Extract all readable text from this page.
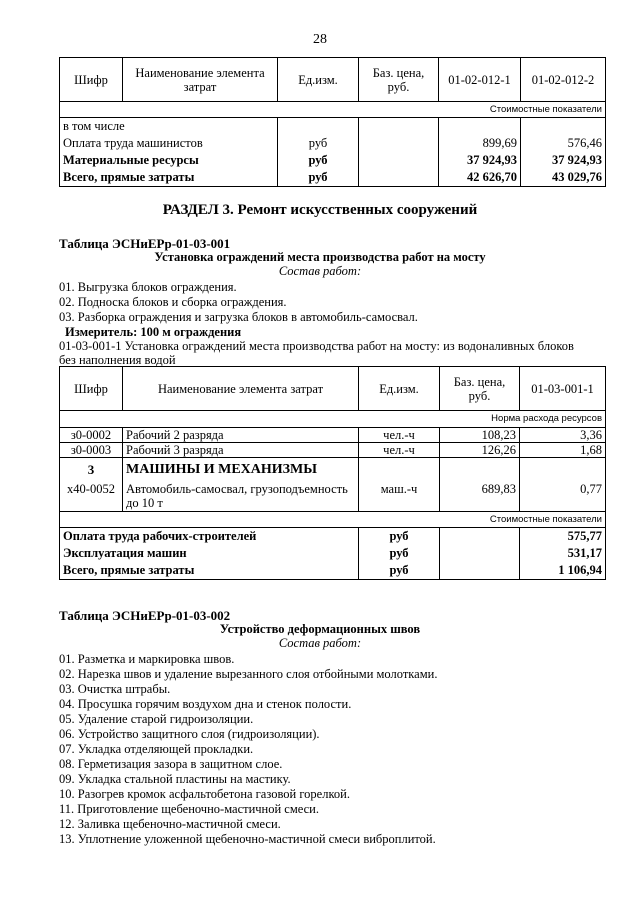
28
Шифр	Наименование элемента затрат	Ед.изм.	Баз. цена, руб.	01-02-012-1	01-02-012-2
Стоимостные показатели					
в том числе					
Оплата труда машинистов		руб		899,69	576,46
Материальные ресурсы		руб		37 924,93	37 924,93
Всего, прямые затраты		руб		42 626,70	43 029,76
РАЗДЕЛ 3. Ремонт искусственных сооружений
Таблица ЭСНиЕРр-01-03-001
Установка ограждений места производства работ на мосту
Состав работ:
01. Выгрузка блоков ограждения.
02. Подноска блоков и сборка ограждения.
03. Разборка ограждения и загрузка блоков в автомобиль-самосвал.
Измеритель: 100 м ограждения
01-03-001-1 Установка ограждений места производства работ на мосту: из водоналивных блоков
без наполнения водой
Шифр	Наименование элемента затрат	Ед.изм.	Баз. цена, руб.	01-03-001-1
Норма расхода ресурсов				
з0-0002	Рабочий 2 разряда	чел.-ч	108,23	3,36
з0-0003	Рабочий 3 разряда	чел.-ч	126,26	1,68
3	МАШИНЫ И МЕХАНИЗМЫ			
х40-0052	Автомобиль-самосвал, грузоподъемность
до 10 т	маш.-ч	689,83	0,77
Стоимостные показатели				
Оплата труда рабочих-строителей		руб		575,77
Эксплуатация машин		руб		531,17
Всего, прямые затраты		руб		1 106,94
Таблица ЭСНиЕРр-01-03-002
Устройство деформационных швов
Состав работ:
01. Разметка и маркировка швов.
02. Нарезка швов и удаление вырезанного слоя отбойными молотками.
03. Очистка штрабы.
04. Просушка горячим воздухом дна и стенок полости.
05. Удаление старой гидроизоляции.
06. Устройство защитного слоя (гидроизоляции).
07. Укладка отделяющей прокладки.
08. Герметизация зазора в защитном слое.
09. Укладка стальной пластины на мастику.
10. Разогрев кромок асфальтобетона газовой горелкой.
11. Приготовление щебеночно-мастичной смеси.
12. Заливка щебеночно-мастичной смеси.
13. Уплотнение уложенной щебеночно-мастичной смеси виброплитой.
